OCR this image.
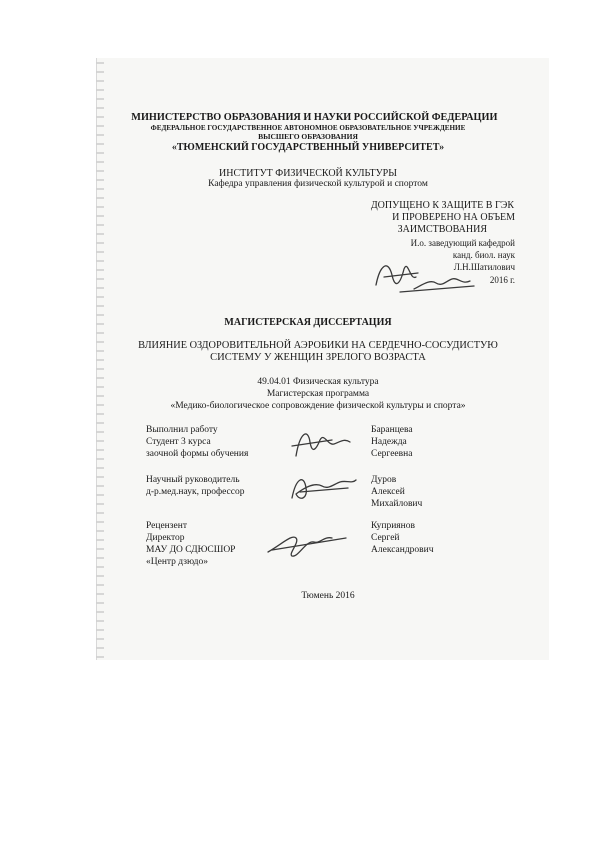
МИНИСТЕРСТВО ОБРАЗОВАНИЯ И НАУКИ РОССИЙСКОЙ ФЕДЕРАЦИИ
ФЕДЕРАЛЬНОЕ ГОСУДАРСТВЕННОЕ АВТОНОМНОЕ ОБРАЗОВАТЕЛЬНОЕ УЧРЕЖДЕНИЕ
ВЫСШЕГО ОБРАЗОВАНИЯ
«ТЮМЕНСКИЙ ГОСУДАРСТВЕННЫЙ УНИВЕРСИТЕТ»
ИНСТИТУТ ФИЗИЧЕСКОЙ КУЛЬТУРЫ
Кафедра управления физической культурой и спортом
ДОПУЩЕНО К ЗАЩИТЕ В ГЭК
И ПРОВЕРЕНО НА ОБЪЕМ
ЗАИМСТВОВАНИЯ
И.о. заведующий кафедрой
канд. биол. наук
Л.Н.Шатилович
2016 г.
МАГИСТЕРСКАЯ ДИССЕРТАЦИЯ
ВЛИЯНИЕ ОЗДОРОВИТЕЛЬНОЙ АЭРОБИКИ НА СЕРДЕЧНО-СОСУДИСТУЮ
СИСТЕМУ У ЖЕНЩИН ЗРЕЛОГО ВОЗРАСТА
49.04.01 Физическая культура
Магистерская программа
«Медико-биологическое сопровождение физической культуры и спорта»
Выполнил работу
Студент 3 курса
заочной формы обучения
Баранцева
Надежда
Сергеевна
Научный руководитель
д-р.мед.наук, профессор
Дуров
Алексей
Михайлович
Рецензент
Директор
МАУ ДО СДЮСШОР
«Центр дзюдо»
Куприянов
Сергей
Александрович
Тюмень 2016
